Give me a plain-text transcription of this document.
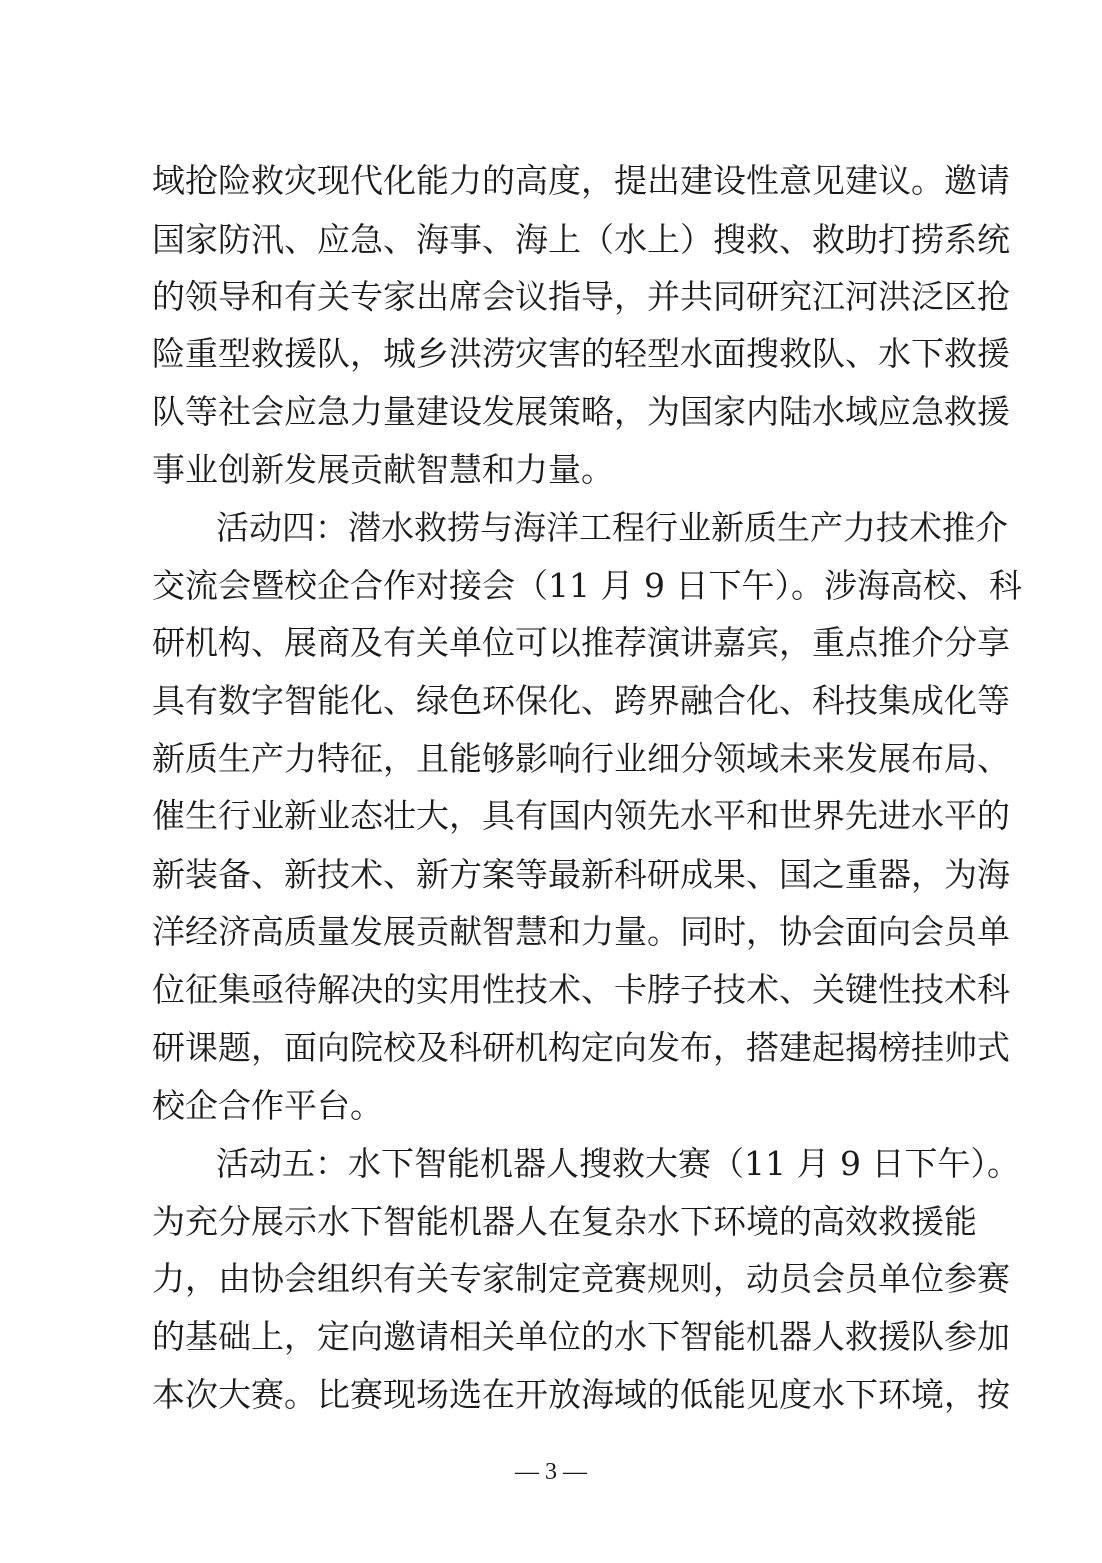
域抢险救灾现代化能力的高度，提出建设性意见建议。邀请
国家防汛、应急、海事、海上（水上）搜救、救助打捞系统
的领导和有关专家出席会议指导，并共同研究江河洪泛区抢
险重型救援队，城乡洪涝灾害的轻型水面搜救队、水下救援
队等社会应急力量建设发展策略，为国家内陆水域应急救援
事业创新发展贡献智慧和力量。
活动四：潜水救捞与海洋工程行业新质生产力技术推介
交流会暨校企合作对接会（11 月 9 日下午）。涉海高校、科
研机构、展商及有关单位可以推荐演讲嘉宾，重点推介分享
具有数字智能化、绿色环保化、跨界融合化、科技集成化等
新质生产力特征，且能够影响行业细分领域未来发展布局、
催生行业新业态壮大，具有国内领先水平和世界先进水平的
新装备、新技术、新方案等最新科研成果、国之重器，为海
洋经济高质量发展贡献智慧和力量。同时，协会面向会员单
位征集亟待解决的实用性技术、卡脖子技术、关键性技术科
研课题，面向院校及科研机构定向发布，搭建起揭榜挂帅式
校企合作平台。
活动五：水下智能机器人搜救大赛（11 月 9 日下午）。
为充分展示水下智能机器人在复杂水下环境的高效救援能
力，由协会组织有关专家制定竞赛规则，动员会员单位参赛
的基础上，定向邀请相关单位的水下智能机器人救援队参加
本次大赛。比赛现场选在开放海域的低能见度水下环境，按
— 3 —
